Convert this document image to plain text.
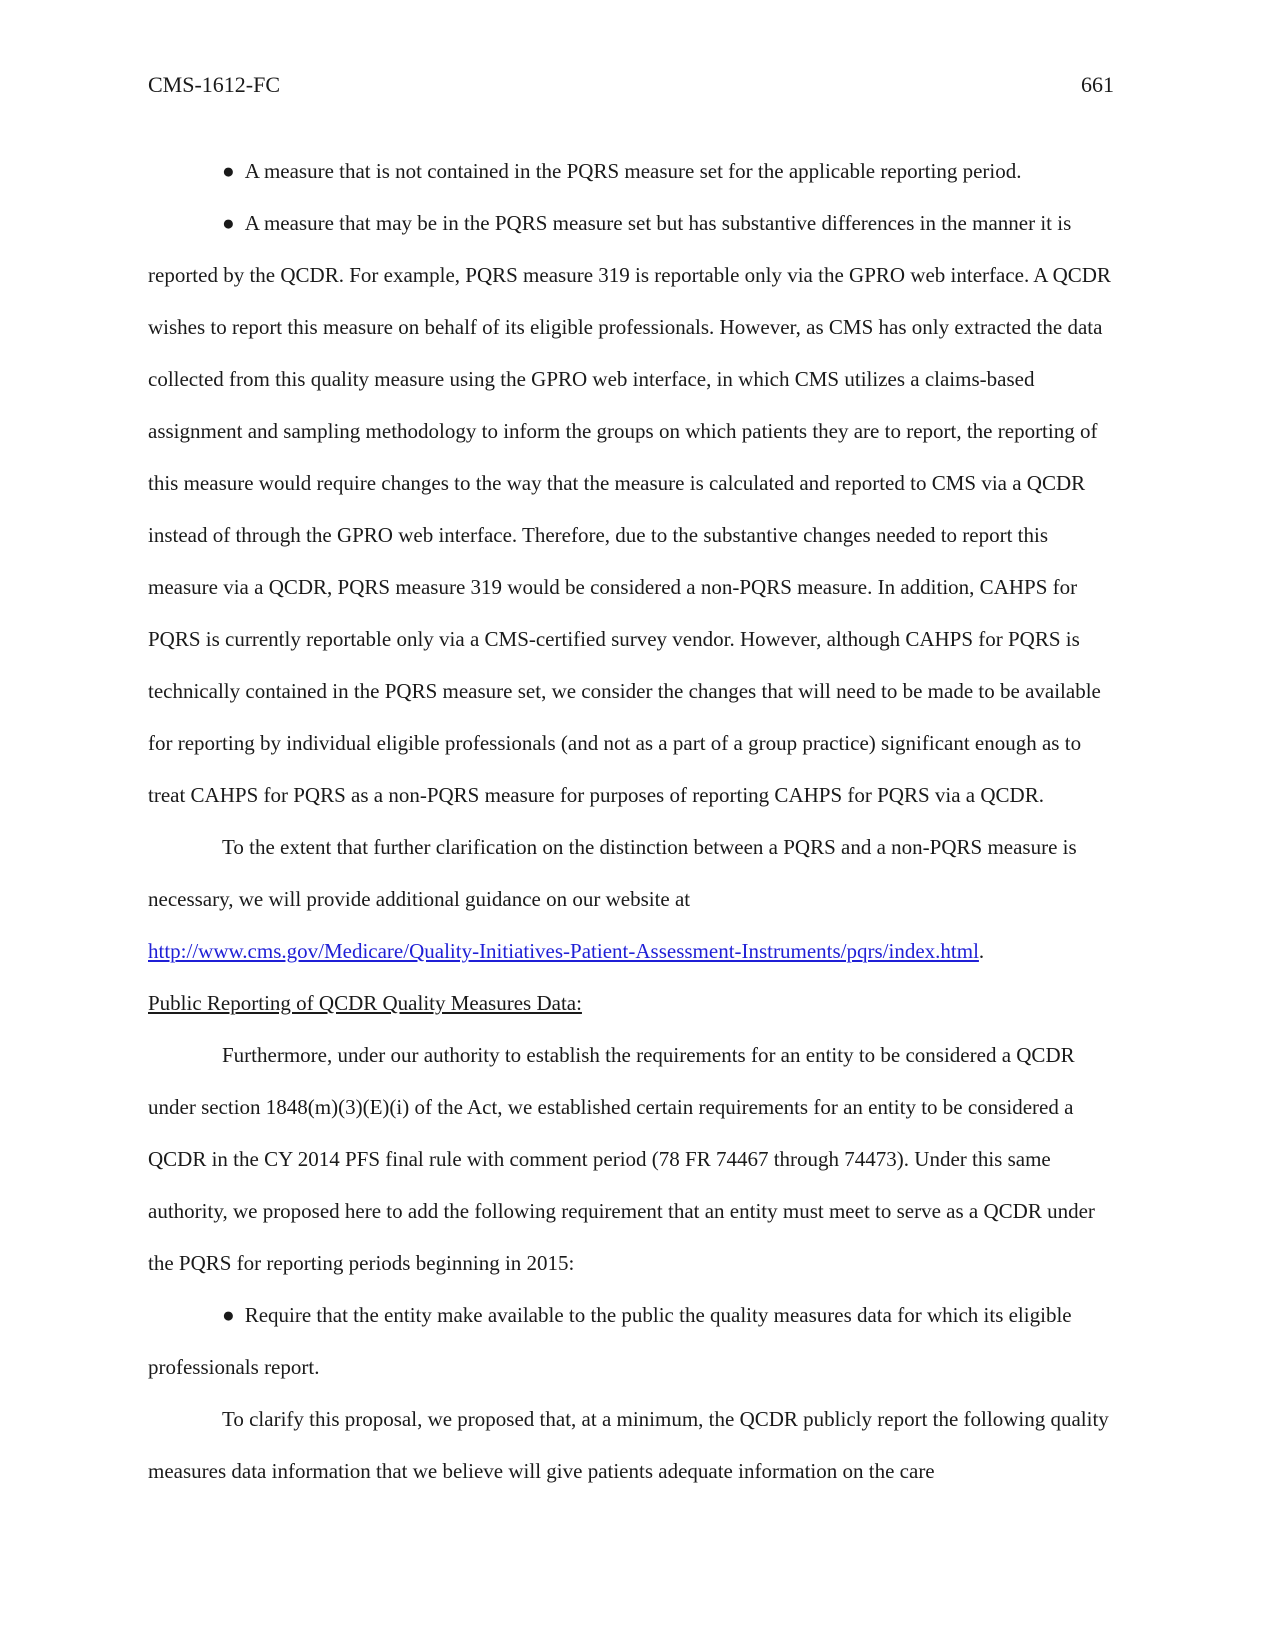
CMS-1612-FC	661

● A measure that is not contained in the PQRS measure set for the applicable reporting period.

● A measure that may be in the PQRS measure set but has substantive differences in the manner it is reported by the QCDR. For example, PQRS measure 319 is reportable only via the GPRO web interface. A QCDR wishes to report this measure on behalf of its eligible professionals. However, as CMS has only extracted the data collected from this quality measure using the GPRO web interface, in which CMS utilizes a claims-based assignment and sampling methodology to inform the groups on which patients they are to report, the reporting of this measure would require changes to the way that the measure is calculated and reported to CMS via a QCDR instead of through the GPRO web interface. Therefore, due to the substantive changes needed to report this measure via a QCDR, PQRS measure 319 would be considered a non-PQRS measure. In addition, CAHPS for PQRS is currently reportable only via a CMS-certified survey vendor. However, although CAHPS for PQRS is technically contained in the PQRS measure set, we consider the changes that will need to be made to be available for reporting by individual eligible professionals (and not as a part of a group practice) significant enough as to treat CAHPS for PQRS as a non-PQRS measure for purposes of reporting CAHPS for PQRS via a QCDR.

To the extent that further clarification on the distinction between a PQRS and a non-PQRS measure is necessary, we will provide additional guidance on our website at

http://www.cms.gov/Medicare/Quality-Initiatives-Patient-Assessment-Instruments/pqrs/index.html.

Public Reporting of QCDR Quality Measures Data:

Furthermore, under our authority to establish the requirements for an entity to be considered a QCDR under section 1848(m)(3)(E)(i) of the Act, we established certain requirements for an entity to be considered a QCDR in the CY 2014 PFS final rule with comment period (78 FR 74467 through 74473). Under this same authority, we proposed here to add the following requirement that an entity must meet to serve as a QCDR under the PQRS for reporting periods beginning in 2015:

● Require that the entity make available to the public the quality measures data for which its eligible professionals report.

To clarify this proposal, we proposed that, at a minimum, the QCDR publicly report the following quality measures data information that we believe will give patients adequate information on the care
